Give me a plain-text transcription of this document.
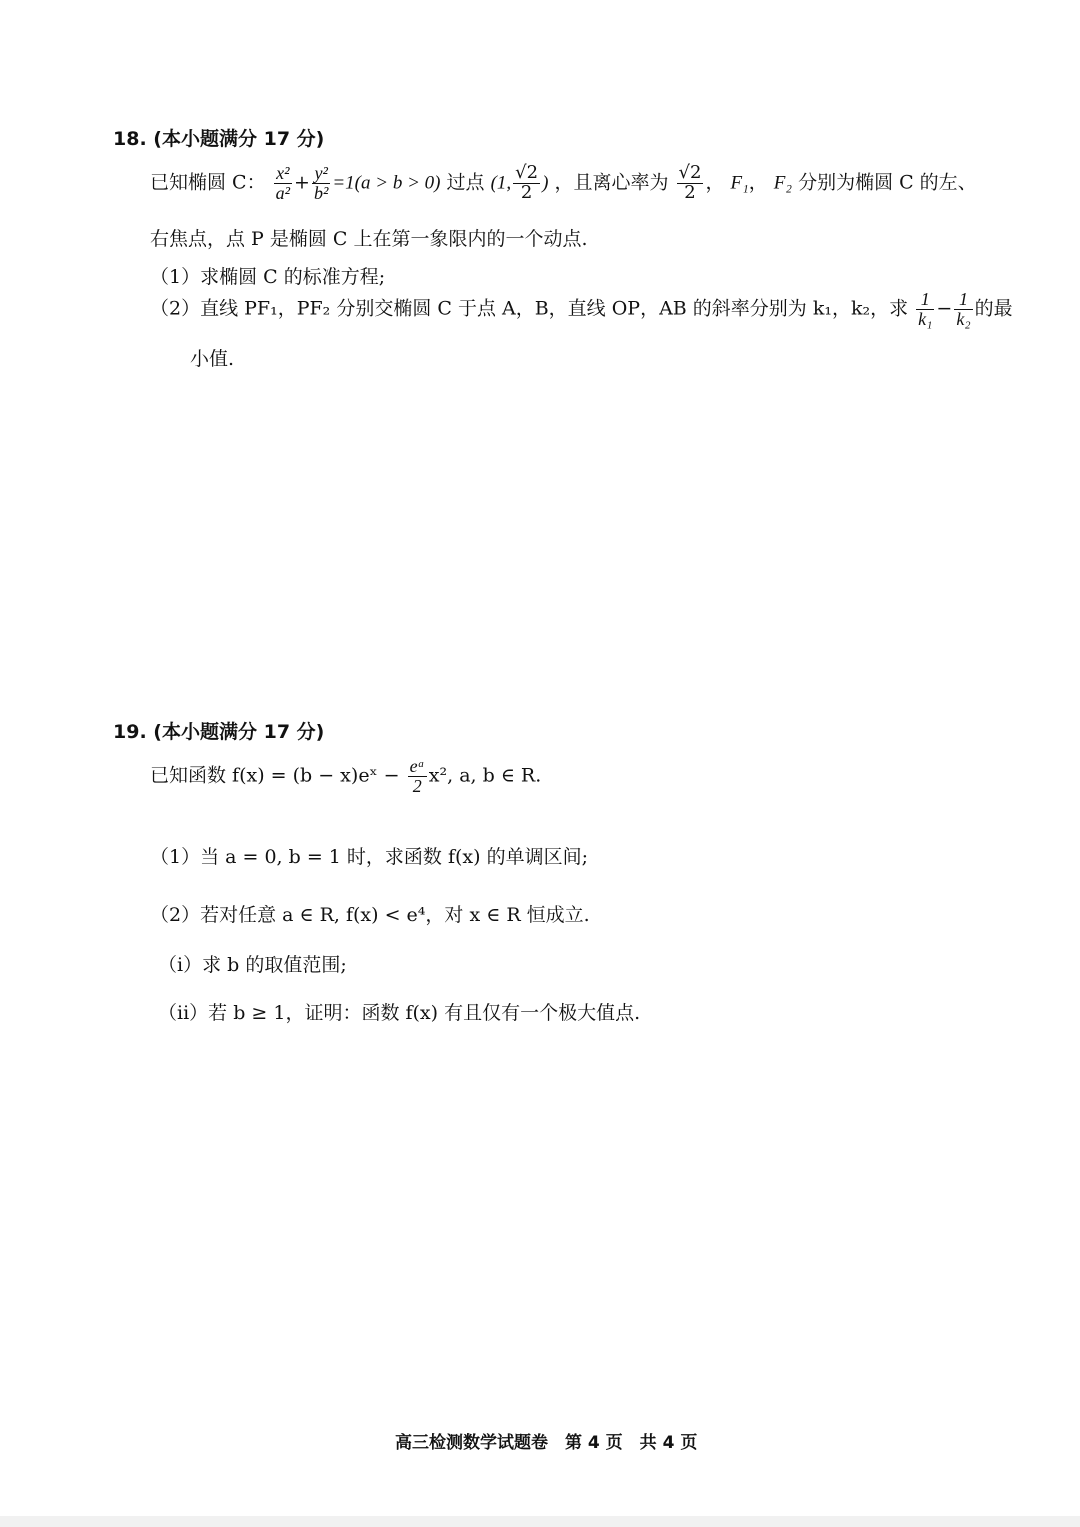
18. (本小题满分 17 分)
已知椭圆 C： $\frac{\text{x²}}{\text{a²}} + \frac{\text{y²}}{\text{b²}} =1(a > b > 0)$ 过点 (1, $\frac{√2}{2}$ ) ，且离心率为 $\frac{√2}{2}$ ， F₁， F₂ 分别为椭圆 C 的左、
右焦点，点 P 是椭圆 C 上在第一象限内的一个动点.
（1）求椭圆 C 的标准方程;
（2）直线 PF₁，PF₂ 分别交椭圆 C 于点 A，B，直线 OP，AB 的斜率分别为 k₁，k₂，求 $\frac{1}{\text{k₁}} - \frac{1}{\text{k₂}}$ 的最
小值.
19. (本小题满分 17 分)
已知函数 f(x) = (b − x)eˣ − $\frac{\text{eᵃ}}{2} x^2$, a, b ∈ R.
（1）当 a = 0, b = 1 时，求函数 f(x) 的单调区间;
（2）若对任意 a ∈ R, f(x) < e⁴，对 x ∈ R 恒成立.
（i）求 b 的取值范围;
（ii）若 b ≥ 1，证明：函数 f(x) 有且仅有一个极大值点.
高三检测数学试题卷　第 4 页　共 4 页
